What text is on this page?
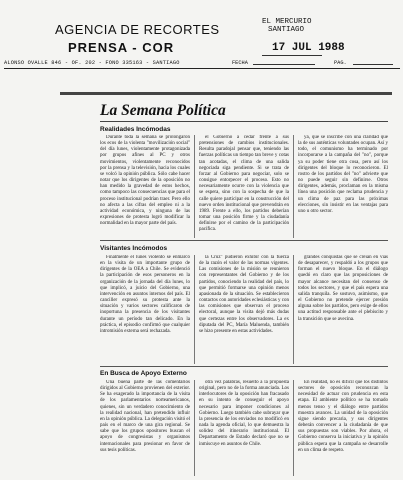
AGENCIA DE RECORTES
PRENSA - COR
ALONSO OVALLE 846 - OF. 202 - FONO 335163 - SANTIAGO
EL MERCURIO
SANTIAGO
17 JUL 1988
FECHA	PAG.
La Semana Política
Realidades Incómodas

Durante toda la semana se prolongaron los ecos de la violenta "movilización social" del día lunes, violentamente protagonizada por grupos afines al PC y otros movimientos, violentamente reconocidos por la prensa y la televisión, hacia los cuales se volcó la opinión pública. Sólo cabe hacer notar que los dirigentes de la oposición no han medido la gravedad de estos hechos, como tampoco las consecuencias que para el proceso institucional podrían traer. Pero ello no afecta a las cifras del empleo ni a la actividad económica, y ninguna de las expresiones de protesta logró modificar la normalidad en la mayor parte del país.

el Gobierno a cedar frente a sus pretensiones de cambios institucionales. Resulta paradojal pensar que, teniendo las fuerzas políticas un tiempo tan breve y cotas tan acotadas, el clima de una salida negociada siga pendiente. Si se trata de forzar al Gobierno para negociar, solo se consigue entorpecer el proceso. Esto no necesariamente ocurre con la violencia que se espera, sino con la sospecha de que la calle quiere participar en la construcción del nuevo orden institucional que prevendrán en 1989. Frente a ello, los partidos deberían tomar una posición firme y la ciudadanía definirse por el camino de la participación pacífica.

ya, que se inscribe con una claridad que la de sus auténticas voluntades ocupan. Así y todo, el comunismo ha terminado por incorporarse a la campaña del "no", porque ya su poder tiene otra cosa, pero así los dirigentes del bloque lo reconocieron. El rostro de los partidos del "no" advierte que no puede seguir sin definirse. Otros dirigentes, además, proclaman en la misma línea una posición que reclama prudencia y un clima de paz para las próximas elecciones, sin insistir en las ventajas para uno u otro sector.

Visitantes Incómodos

Finalmente el lunes violento se enmarcó en la visita de un importante grupo de dirigentes de la OEA a Chile. Se evidenció la participación de esos personeros en la organización de la jornada del día lunes, lo que implicó, a juicio del Gobierno, una intervención en asuntos internos del país. El canciller expresó su protesta ante la situación y varios sectores calificaron de inoportuna la presencia de los visitantes durante un período tan delicado. En la práctica, el episodio confirmó que cualquier intromisión externa será rechazada.

la Cruz" pudieron exhibir con la fuerza de la razón el valor de las normas vigentes. Las comisiones de la misión se reunieron con representantes del Gobierno y de los partidos, conociendo la realidad del país, lo que permitió formarse una opinión menos apasionada de la situación. Se establecieron contactos con autoridades eclesiásticas y con las comisiones que observan el proceso electoral, aunque la visita dejó más dudas que certezas entre los observadores. La ex diputada del PC, María Maluenda, también se hizo presente en estas actividades.

grandes conquistas que se creían en vías de desaparecer, y respaldó a los grupos que forman el nuevo bloque. En el diálogo quedó en claro que las proposiciones de mayor alcance necesitan del consenso de todos los sectores, y que el país espera una salida tranquila. Se sostuvo, asimismo, que el Gobierno no pretende ejercer presión alguna sobre los partidos, pero exige de ellos una actitud responsable ante el plebiscito y la transición que se avecina.

En Busca de Apoyo Externo

Una buena parte de las comentarios dirigidos al Gobierno provienen del exterior. Se ha exagerado la importancia de la visita de los parlamentarios norteamericanos, quienes, sin un verdadero conocimiento de la realidad nacional, han pretendido influir en la opinión pública. La delegación visitó el país en el marco de una gira regional. Se sabe que los grupos opositores buscan el apoyo de congresistas y organismos internacionales para presionar en favor de sus tesis políticas.

otra vez palabras, resuelto a la propuesta original, pero no de la forma anunciada. Los interlocutores de la oposición han fracasado en su intento de conseguir el apoyo necesario para imponer condiciones al Gobierno. Luego también cabe subrayar que la presencia de los enviados no modificó en nada la agenda oficial, lo que demuestra la solidez del itinerario institucional. El Departamento de Estado declaró que no se inmiscuye en asuntos de Chile.

En realidad, no es difícil que los distintos sectores de oposición reconozcan la necesidad de actuar con prudencia en esta etapa. El ambiente político se ha tornado menos tenso y el diálogo entre partidos muestra avances. La unidad de la oposición sigue siendo precaria, y sus dirigentes deberán convencer a la ciudadanía de que sus propuestas son viables. Por ahora, el Gobierno conserva la iniciativa y la opinión pública espera que la campaña se desarrolle en un clima de respeto.
